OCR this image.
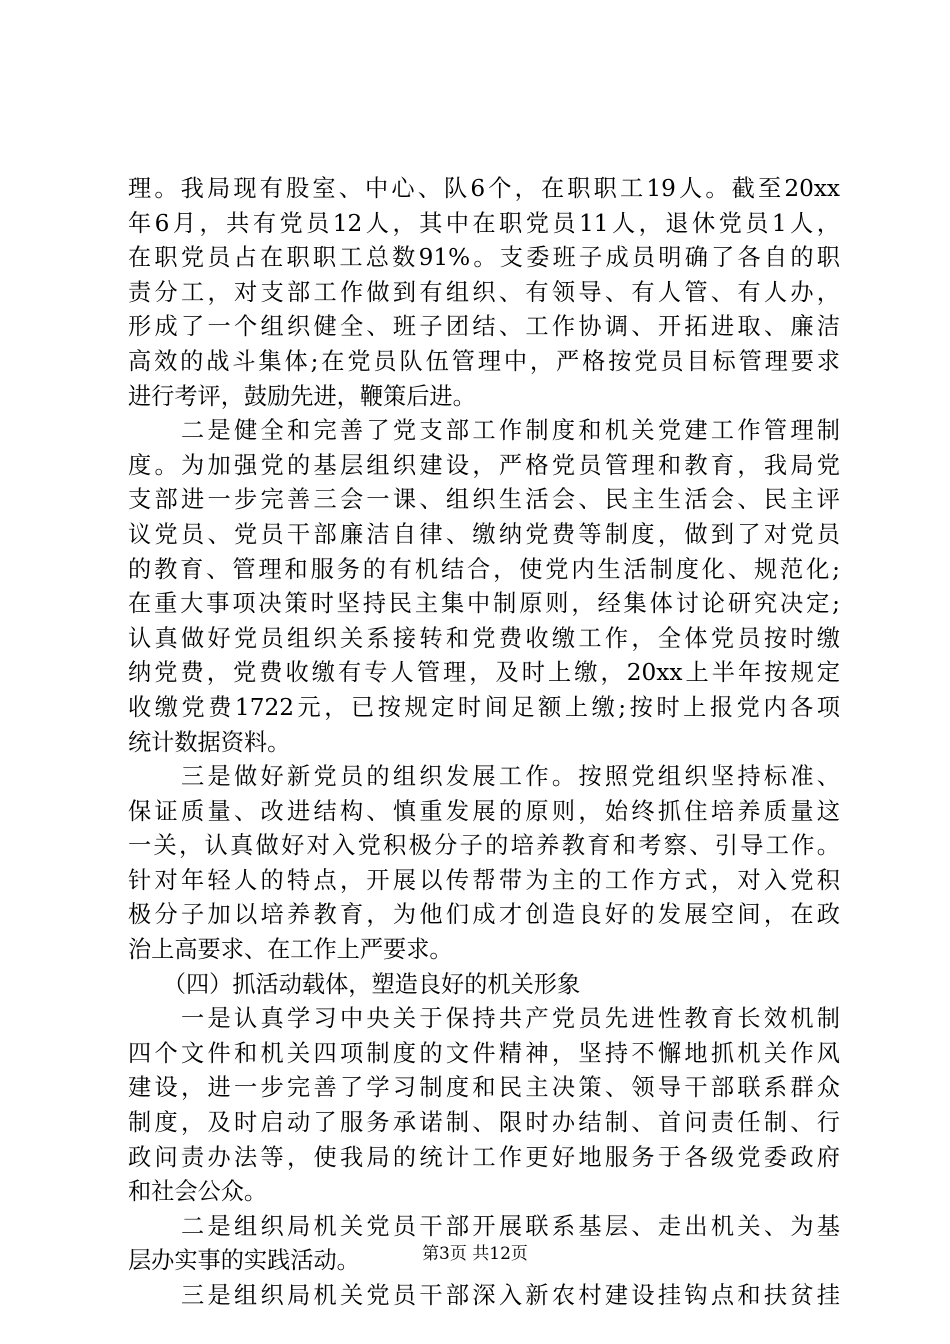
理。我局现有股室、中心、队6个，在职职工19人。截至20xx
年6月，共有党员12人，其中在职党员11人，退休党员1人，
在职党员占在职职工总数91%。支委班子成员明确了各自的职
责分工，对支部工作做到有组织、有领导、有人管、有人办，
形成了一个组织健全、班子团结、工作协调、开拓进取、廉洁
高效的战斗集体;在党员队伍管理中，严格按党员目标管理要求
进行考评，鼓励先进，鞭策后进。
　　二是健全和完善了党支部工作制度和机关党建工作管理制
度。为加强党的基层组织建设，严格党员管理和教育，我局党
支部进一步完善三会一课、组织生活会、民主生活会、民主评
议党员、党员干部廉洁自律、缴纳党费等制度，做到了对党员
的教育、管理和服务的有机结合，使党内生活制度化、规范化;
在重大事项决策时坚持民主集中制原则，经集体讨论研究决定;
认真做好党员组织关系接转和党费收缴工作，全体党员按时缴
纳党费，党费收缴有专人管理，及时上缴，20xx上半年按规定
收缴党费1722元，已按规定时间足额上缴;按时上报党内各项
统计数据资料。
　　三是做好新党员的组织发展工作。按照党组织坚持标准、
保证质量、改进结构、慎重发展的原则，始终抓住培养质量这
一关，认真做好对入党积极分子的培养教育和考察、引导工作。
针对年轻人的特点，开展以传帮带为主的工作方式，对入党积
极分子加以培养教育，为他们成才创造良好的发展空间，在政
治上高要求、在工作上严要求。
　　（四）抓活动载体，塑造良好的机关形象
　　一是认真学习中央关于保持共产党员先进性教育长效机制
四个文件和机关四项制度的文件精神，坚持不懈地抓机关作风
建设，进一步完善了学习制度和民主决策、领导干部联系群众
制度，及时启动了服务承诺制、限时办结制、首问责任制、行
政问责办法等，使我局的统计工作更好地服务于各级党委政府
和社会公众。
　　二是组织局机关党员干部开展联系基层、走出机关、为基
层办实事的实践活动。
　　三是组织局机关党员干部深入新农村建设挂钩点和扶贫挂
第3页 共12页
